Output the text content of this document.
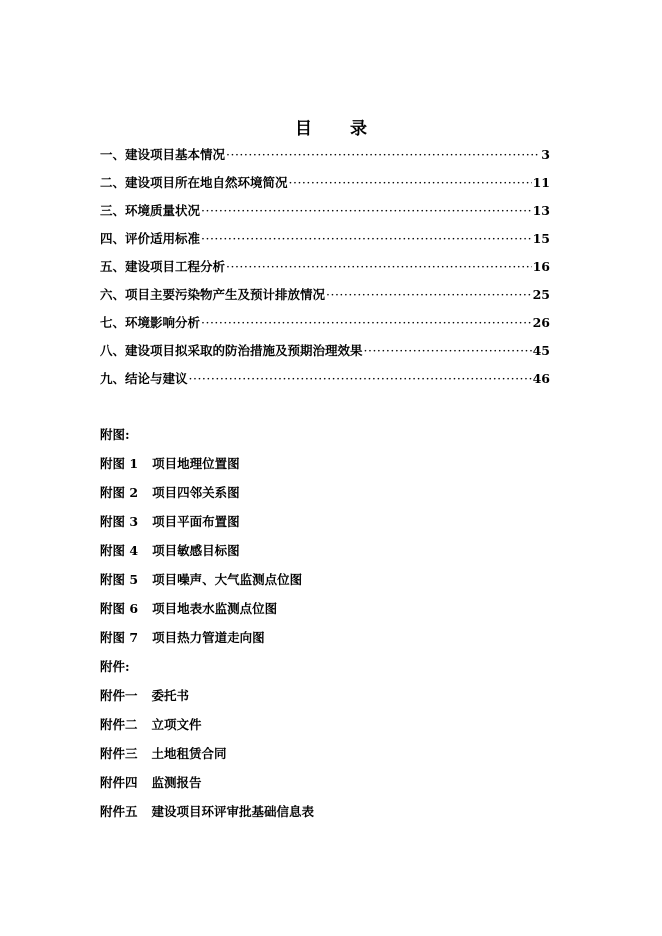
目 录
一、建设项目基本情况 ·····	3
二、建设项目所在地自然环境简况 ·····	11
三、环境质量状况 ·····	13
四、评价适用标准 ·····	15
五、建设项目工程分析 ·····	16
六、项目主要污染物产生及预计排放情况 ·····	25
七、环境影响分析 ·····	26
八、建设项目拟采取的防治措施及预期治理效果 ·····	45
九、结论与建议 ·····	46
附图:
附图 1 项目地理位置图
附图 2 项目四邻关系图
附图 3 项目平面布置图
附图 4 项目敏感目标图
附图 5 项目噪声、大气监测点位图
附图 6 项目地表水监测点位图
附图 7 项目热力管道走向图
附件:
附件一 委托书
附件二 立项文件
附件三 土地租赁合同
附件四 监测报告
附件五 建设项目环评审批基础信息表
